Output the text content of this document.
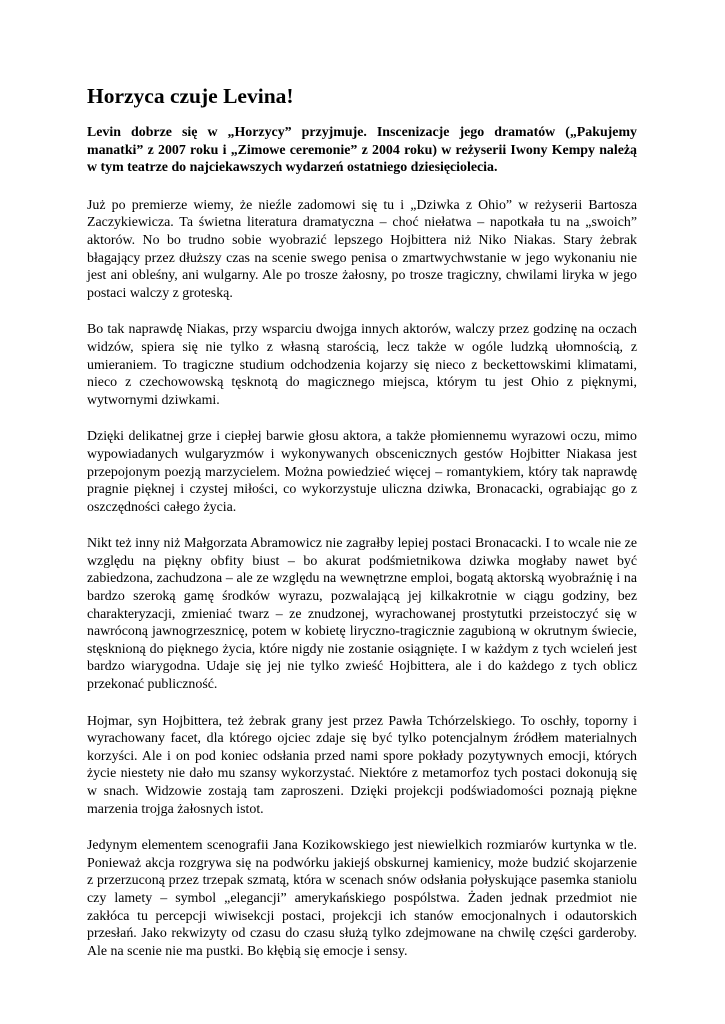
Horzyca czuje Levina!

Levin dobrze się w „Horzycy” przyjmuje. Inscenizacje jego dramatów („Pakujemy manatki” z 2007 roku i „Zimowe ceremonie” z 2004 roku) w reżyserii Iwony Kempy należą w tym teatrze do najciekawszych wydarzeń ostatniego dziesięciolecia.

Już po premierze wiemy, że nieźle zadomowi się tu i „Dziwka z Ohio” w reżyserii Bartosza Zaczykiewicza. Ta świetna literatura dramatyczna – choć niełatwa – napotkała tu na „swoich” aktorów. No bo trudno sobie wyobrazić lepszego Hojbittera niż Niko Niakas. Stary żebrak błagający przez dłuższy czas na scenie swego penisa o zmartwychwstanie w jego wykonaniu nie jest ani obleśny, ani wulgarny. Ale po trosze żałosny, po trosze tragiczny, chwilami liryka w jego postaci walczy z groteską.

Bo tak naprawdę Niakas, przy wsparciu dwojga innych aktorów, walczy przez godzinę na oczach widzów, spiera się nie tylko z własną starością, lecz także w ogóle ludzką ułomnością, z umieraniem. To tragiczne studium odchodzenia kojarzy się nieco z beckettowskimi klimatami, nieco z czechowowską tęsknotą do magicznego miejsca, którym tu jest Ohio z pięknymi, wytwornymi dziwkami.

Dzięki delikatnej grze i ciepłej barwie głosu aktora, a także płomiennemu wyrazowi oczu, mimo wypowiadanych wulgaryzmów i wykonywanych obscenicznych gestów Hojbitter Niakasa jest przepojonym poezją marzycielem. Można powiedzieć więcej – romantykiem, który tak naprawdę pragnie pięknej i czystej miłości, co wykorzystuje uliczna dziwka, Bronacacki, ograbiając go z oszczędności całego życia.

Nikt też inny niż Małgorzata Abramowicz nie zagrałby lepiej postaci Bronacacki. I to wcale nie ze względu na piękny obfity biust – bo akurat podśmietnikowa dziwka mogłaby nawet być zabiedzona, zachudzona – ale ze względu na wewnętrzne emploi, bogatą aktorską wyobraźnię i na bardzo szeroką gamę środków wyrazu, pozwalającą jej kilkakrotnie w ciągu godziny, bez charakteryzacji, zmieniać twarz – ze znudzonej, wyrachowanej prostytutki przeistoczyć się w nawróconą jawnogrzesznicę, potem w kobietę liryczno-tragicznie zagubioną w okrutnym świecie, stęsknioną do pięknego życia, które nigdy nie zostanie osiągnięte. I w każdym z tych wcieleń jest bardzo wiarygodna. Udaje się jej nie tylko zwieść Hojbittera, ale i do każdego z tych oblicz przekonać publiczność.

Hojmar, syn Hojbittera, też żebrak grany jest przez Pawła Tchórzelskiego. To oschły, toporny i wyrachowany facet, dla którego ojciec zdaje się być tylko potencjalnym źródłem materialnych korzyści. Ale i on pod koniec odsłania przed nami spore pokłady pozytywnych emocji, których życie niestety nie dało mu szansy wykorzystać. Niektóre z metamorfoz tych postaci dokonują się w snach. Widzowie zostają tam zaproszeni. Dzięki projekcji podświadomości poznają piękne marzenia trojga żałosnych istot.

Jedynym elementem scenografii Jana Kozikowskiego jest niewielkich rozmiarów kurtynka w tle. Ponieważ akcja rozgrywa się na podwórku jakiejś obskurnej kamienicy, może budzić skojarzenie z przerzuconą przez trzepak szmatą, która w scenach snów odsłania połyskujące pasemka staniolu czy lamety – symbol „elegancji” amerykańskiego pospólstwa. Żaden jednak przedmiot nie zakłóca tu percepcji wiwisekcji postaci, projekcji ich stanów emocjonalnych i odautorskich przesłań. Jako rekwizyty od czasu do czasu służą tylko zdejmowane na chwilę części garderoby. Ale na scenie nie ma pustki. Bo kłębią się emocje i sensy.
